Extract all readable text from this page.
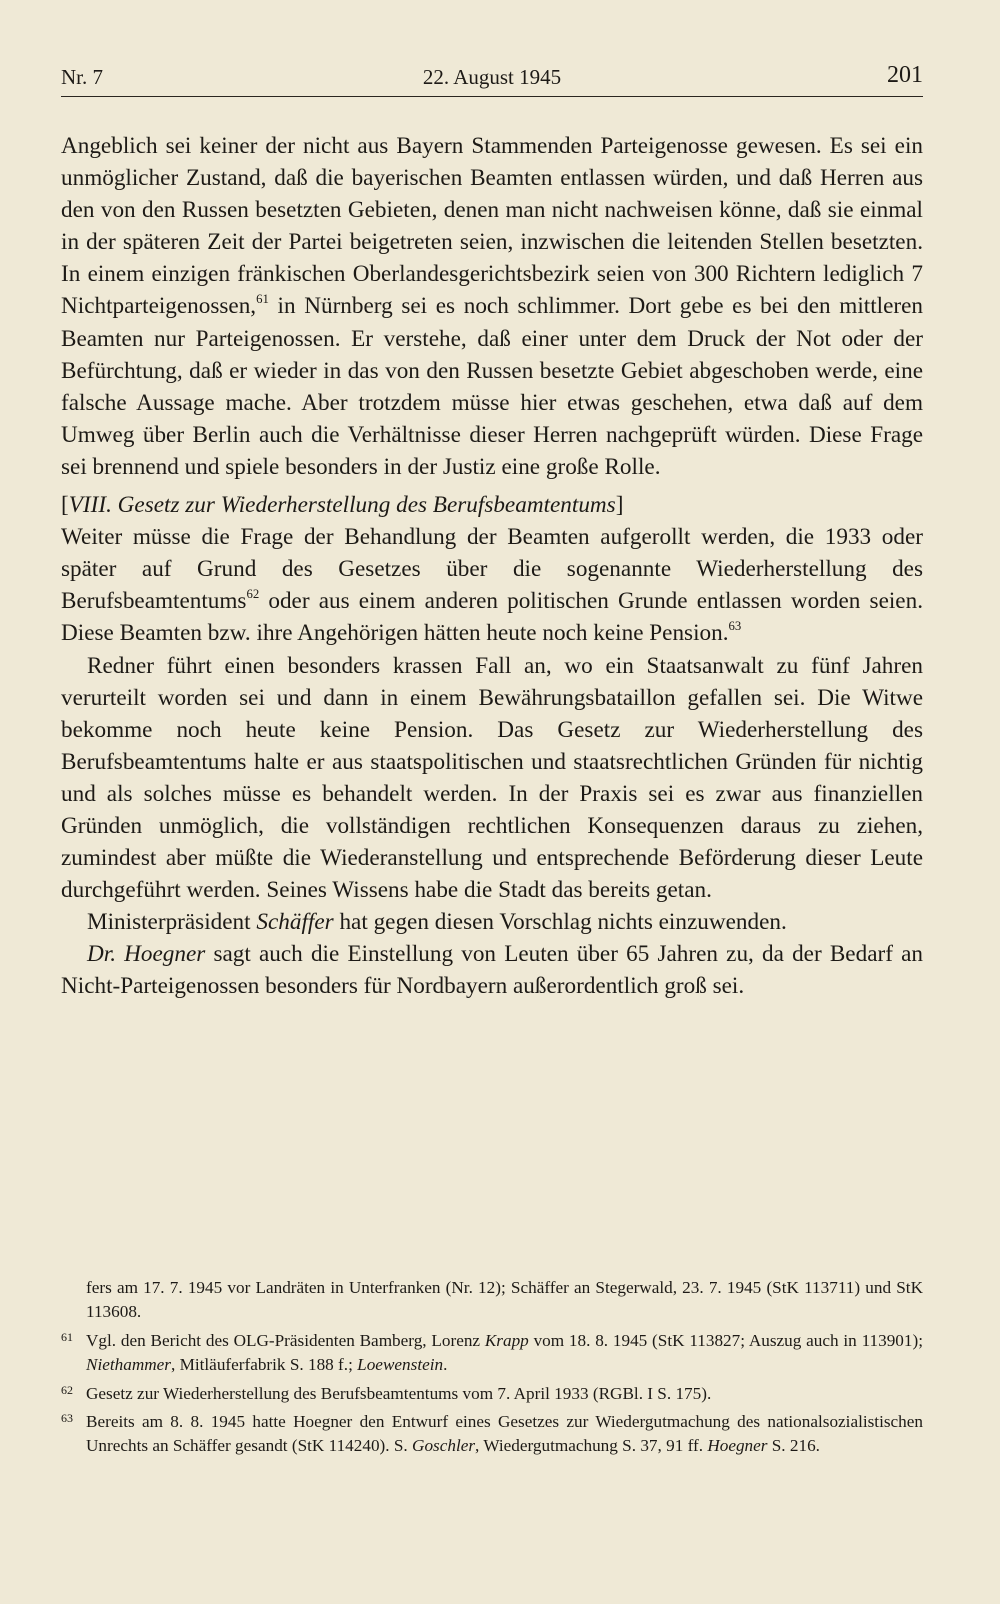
Nr. 7	22. August 1945	201

Angeblich sei keiner der nicht aus Bayern Stammenden Parteigenosse gewesen. Es sei ein unmöglicher Zustand, daß die bayerischen Beamten entlassen würden, und daß Herren aus den von den Russen besetzten Gebieten, denen man nicht nachweisen könne, daß sie einmal in der späteren Zeit der Partei beigetreten seien, inzwischen die leitenden Stellen besetzten. In einem einzigen fränkischen Oberlandesgerichtsbezirk seien von 300 Richtern lediglich 7 Nichtparteigenossen,$^{61}$ in Nürnberg sei es noch schlimmer. Dort gebe es bei den mittleren Beamten nur Parteigenossen. Er verstehe, daß einer unter dem Druck der Not oder der Befürchtung, daß er wieder in das von den Russen besetzte Gebiet abgeschoben werde, eine falsche Aussage mache. Aber trotzdem müsse hier etwas geschehen, etwa daß auf dem Umweg über Berlin auch die Verhältnisse dieser Herren nachgeprüft würden. Diese Frage sei brennend und spiele besonders in der Justiz eine große Rolle.

[VIII. Gesetz zur Wiederherstellung des Berufsbeamtentums]

Weiter müsse die Frage der Behandlung der Beamten aufgerollt werden, die 1933 oder später auf Grund des Gesetzes über die sogenannte Wiederherstellung des Berufsbeamtentums$^{62}$ oder aus einem anderen politischen Grunde entlassen worden seien. Diese Beamten bzw. ihre Angehörigen hätten heute noch keine Pension.$^{63}$

Redner führt einen besonders krassen Fall an, wo ein Staatsanwalt zu fünf Jahren verurteilt worden sei und dann in einem Bewährungsbataillon gefallen sei. Die Witwe bekomme noch heute keine Pension. Das Gesetz zur Wiederherstellung des Berufsbeamtentums halte er aus staatspolitischen und staatsrechtlichen Gründen für nichtig und als solches müsse es behandelt werden. In der Praxis sei es zwar aus finanziellen Gründen unmöglich, die vollständigen rechtlichen Konsequenzen daraus zu ziehen, zumindest aber müßte die Wiederanstellung und entsprechende Beförderung dieser Leute durchgeführt werden. Seines Wissens habe die Stadt das bereits getan.

Ministerpräsident Schäffer hat gegen diesen Vorschlag nichts einzuwenden.

Dr. Hoegner sagt auch die Einstellung von Leuten über 65 Jahren zu, da der Bedarf an Nicht-Parteigenossen besonders für Nordbayern außerordentlich groß sei.

fers am 17. 7. 1945 vor Landräten in Unterfranken (Nr. 12); Schäffer an Stegerwald, 23. 7. 1945 (StK 113711) und StK 113608.
61 Vgl. den Bericht des OLG-Präsidenten Bamberg, Lorenz Krapp vom 18. 8. 1945 (StK 113827; Auszug auch in 113901); Niethammer, Mitläuferfabrik S. 188 f.; Loewenstein.
62 Gesetz zur Wiederherstellung des Berufsbeamtentums vom 7. April 1933 (RGBl. I S. 175).
63 Bereits am 8. 8. 1945 hatte Hoegner den Entwurf eines Gesetzes zur Wiedergutmachung des nationalsozialistischen Unrechts an Schäffer gesandt (StK 114240). S. Goschler, Wiedergutmachung S. 37, 91 ff. Hoegner S. 216.
